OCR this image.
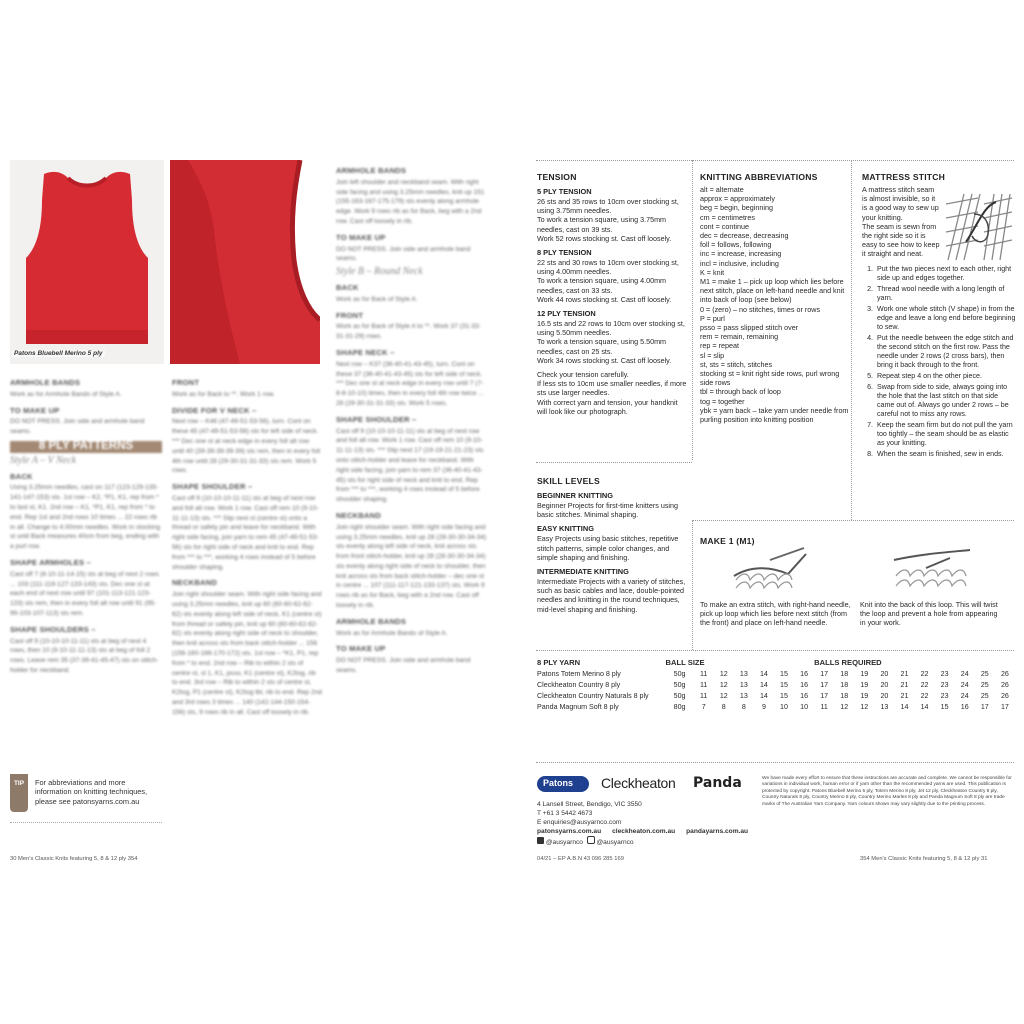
Patons Bluebell Merino 5 ply
ARMHOLE BANDS
Work as for Armhole Bands of Style A.
TO MAKE UP
DO NOT PRESS. Join side and armhole band seams.
8 PLY PATTERNS
Style A – V Neck
BACK
Using 3.25mm needles, cast on 117 (123-129-135-141-147-153) sts. 1st row – K2, *P1, K1, rep from * to last st, K1. 2nd row – K1, *P1, K1, rep from * to end. Rep 1st and 2nd rows 10 times ... 22 rows rib in all. Change to 4.00mm needles. Work in stocking st until Back measures 40cm from beg, ending with a purl row.
SHAPE ARMHOLES –
Cast off 7 (8-10-11-14-15) sts at beg of next 2 rows ... 103 (111-119-127-133-143) sts. Dec one st at each end of next row until 97 (101-113-121-123-133) sts rem, then in every foll alt row until 91 (95-99-103-107-113) sts rem.
SHAPE SHOULDERS –
Cast off 9 (10-10-10-11-11) sts at beg of next 4 rows, then 10 (9-10-11-11-13) sts at beg of foll 2 rows. Leave rem 35 (37-39-41-45-47) sts on stitch-holder for neckband.
FRONT
Work as for Back to **. Work 1 row.
DIVIDE FOR V NECK –
Next row – K46 (47-49-51-53-56), turn. Cont on these 45 (47-49-51-53-56) sts for left side of neck. *** Dec one st at neck edge in every foll alt row until 40 (39-39-39-39-39) sts rem, then in every foll 4th row until 28 (29-30-31-31-33) sts rem. Work 5 rows.
SHAPE SHOULDER –
Cast off 9 (10-10-10-11-11) sts at beg of next row and foll alt row. Work 1 row. Cast off rem 10 (9-10-11-11-13) sts. *** Slip next st (centre st) onto a thread or safety pin and leave for neckband. With right side facing, join yarn to rem 45 (47-49-51-53-56) sts for right side of neck and knit to end. Rep from *** to ***, working 4 rows instead of 5 before shoulder shaping.
NECKBAND
Join right shoulder seam. With right side facing and using 3.25mm needles, knit up 60 (60-60-62-62-62) sts evenly along left side of neck, K1 (centre st) from thread or safety pin, knit up 60 (60-60-62-62-62) sts evenly along right side of neck to shoulder, then knit across sts from back stitch-holder ... 156 (156-160-166-170-172) sts. 1st row – *K1, P1, rep from * to end. 2nd row – Rib to within 2 sts of centre st, sl 1, K1, psso, K1 (centre st), K2tog, rib to end. 3rd row – Rib to within 2 sts of centre st, K2tog, P1 (centre st), K2tog tbl, rib to end. Rep 2nd and 3rd rows 3 times ... 140 (142-144-150-154-156) sts, 9 rows rib in all. Cast off loosely in rib.
ARMHOLE BANDS
Join left shoulder and neckband seam. With right side facing and using 3.25mm needles, knit up 151 (155-163-167-175-179) sts evenly along armhole edge. Work 9 rows rib as for Back, beg with a 2nd row. Cast off loosely in rib.
TO MAKE UP
DO NOT PRESS. Join side and armhole band seams.
Style B – Round Neck
BACK
Work as for Back of Style A.
FRONT
Work as for Back of Style A to **. Work 37 (31-33-31-31-29) rows.
SHAPE NECK –
Next row – K37 (36-40-41-43-45), turn. Cont on these 37 (36-40-41-43-45) sts for left side of neck. *** Dec one st at neck edge in every row until 7 (7-8-8-10-10) times, then in every foll 4th row twice ... 28 (29-30-31-31-33) sts. Work 5 rows.
SHAPE SHOULDER –
Cast off 9 (10-10-10-11-11) sts at beg of next row and foll alt row. Work 1 row. Cast off rem 10 (9-10-11-11-13) sts. *** Slip next 17 (19-19-21-21-23) sts onto stitch-holder and leave for neckband. With right side facing, join yarn to rem 37 (36-40-41-43-45) sts for right side of neck and knit to end. Rep from *** to ***, working 4 rows instead of 5 before shoulder shaping.
NECKBAND
Join right shoulder seam. With right side facing and using 3.25mm needles, knit up 28 (28-30-30-34-34) sts evenly along left side of neck, knit across sts from front stitch-holder, knit up 28 (28-30-30-34-34) sts evenly along right side of neck to shoulder, then knit across sts from back stitch-holder – dec one st in centre ... 107 (111-117-121-133-137) sts. Work 9 rows rib as for Back, beg with a 2nd row. Cast off loosely in rib.
ARMHOLE BANDS
Work as for Armhole Bands of Style A.
TO MAKE UP
DO NOT PRESS. Join side and armhole band seams.
TIP	For abbreviations and more information on knitting techniques, please see patonsyarns.com.au
30 Men's Classic Knits featuring 5, 8 & 12 ply 354
TENSION
5 PLY TENSION

26 sts and 35 rows to 10cm over stocking st,
using 3.75mm needles.
To work a tension square, using 3.75mm
needles, cast on 39 sts.
Work 52 rows stocking st. Cast off loosely.

8 PLY TENSION

22 sts and 30 rows to 10cm over stocking st,
using 4.00mm needles.
To work a tension square, using 4.00mm
needles, cast on 33 sts.
Work 44 rows stocking st. Cast off loosely.

12 PLY TENSION

16.5 sts and 22 rows to 10cm over stocking st,
using 5.50mm needles.
To work a tension square, using 5.50mm
needles, cast on 25 sts.
Work 34 rows stocking st. Cast off loosely.

Check your tension carefully.
If less sts to 10cm use smaller needles, if more
sts use larger needles.
With correct yarn and tension, your handknit
will look like our photograph.

SKILL LEVELS
BEGINNER KNITTING

Beginner Projects for first-time knitters using
basic stitches. Minimal shaping.

EASY KNITTING

Easy Projects using basic stitches, repetitive
stitch patterns, simple color changes, and
simple shaping and finishing.

INTERMEDIATE KNITTING

Intermediate Projects with a variety of stitches,
such as basic cables and lace, double-pointed
needles and knitting in the round techniques,
mid-level shaping and finishing.

KNITTING ABBREVIATIONS

alt = alternate

approx = approximately

beg = begin, beginning

cm = centimetres

cont = continue

dec = decrease, decreasing

foll = follows, following

inc = increase, increasing

incl = inclusive, including

K = knit

M1 = make 1 – pick up loop which lies before

next stitch, place on left-hand needle and knit

into back of loop (see below)

0 = (zero) – no stitches, times or rows

P = purl

psso = pass slipped stitch over

rem = remain, remaining

rep = repeat

sl = slip

st, sts = stitch, stitches

stocking st = knit right side rows, purl wrong

side rows

tbl = through back of loop

tog = together

ybk = yarn back – take yarn under needle from

purling position into knitting position

MATTRESS STITCH

A mattress stitch seam
is almost invisible, so it
is a good way to sew up
your knitting.
The seam is sewn from
the right side so it is
easy to see how to keep
it straight and neat.

1. Put the two pieces next to each other, right side up and edges together.
2. Thread wool needle with a long length of yarn.
3. Work one whole stitch (V shape) in from the edge and leave a long end before beginning to sew.
4. Put the needle between the edge stitch and the second stitch on the first row. Pass the needle under 2 rows (2 cross bars), then bring it back through to the front.
5. Repeat step 4 on the other piece.
6. Swap from side to side, always going into the hole that the last stitch on that side came out of. Always go under 2 rows – be careful not to miss any rows.
7. Keep the seam firm but do not pull the yarn too tightly – the seam should be as elastic as your knitting.
8. When the seam is finished, sew in ends.
MAKE 1 (M1)

To make an extra stitch, with right-hand needle,
pick up loop which lies before next stitch (from
the front) and place on left-hand needle.

Knit into the back of this loop. This will twist
the loop and prevent a hole from appearing
in your work.

8 PLY YARN	BALL SIZE							BALLS REQUIRED									
Patons Totem Merino 8 ply	50g	11	12	13	14	15	16	17	18	19	20	21	22	23	24	25	26
Cleckheaton Country 8 ply	50g	11	12	13	14	15	16	17	18	19	20	21	22	23	24	25	26
Cleckheaton Country Naturals 8 ply	50g	11	12	13	14	15	16	17	18	19	20	21	22	23	24	25	26
Panda Magnum Soft 8 ply	80g	7	8	8	9	10	10	11	12	12	13	14	14	15	16	17	17
Patons Cleckheaton Panda
4 Lansell Street, Bendigo, VIC 3550
T +61 3 5442 4673
E enquiries@ausyarnco.com
patonsyarns.com.au cleckheaton.com.au pandayarns.com.au
@ausyarnco @ausyarnco
We have made every effort to ensure that these instructions are accurate and complete. We cannot be responsible for variations in individual work, human error or if yarn other than the recommended yarns are used. This publication is protected by copyright. Patons Bluebell Merino 5 ply, Totem Merino 8 ply, Jet 12 ply, Cleckheaton Country 8 ply, Country Naturals 8 ply, Country Merino 8 ply, Country Merino Marles 8 ply and Panda Magnum Soft 8 ply are trade marks of The Australian Yarn Company. Yarn colours shown may vary slightly due to the printing process.
04/21 – EP A.B.N 43 096 285 169	354 Men's Classic Knits featuring 5, 8 & 12 ply 31
